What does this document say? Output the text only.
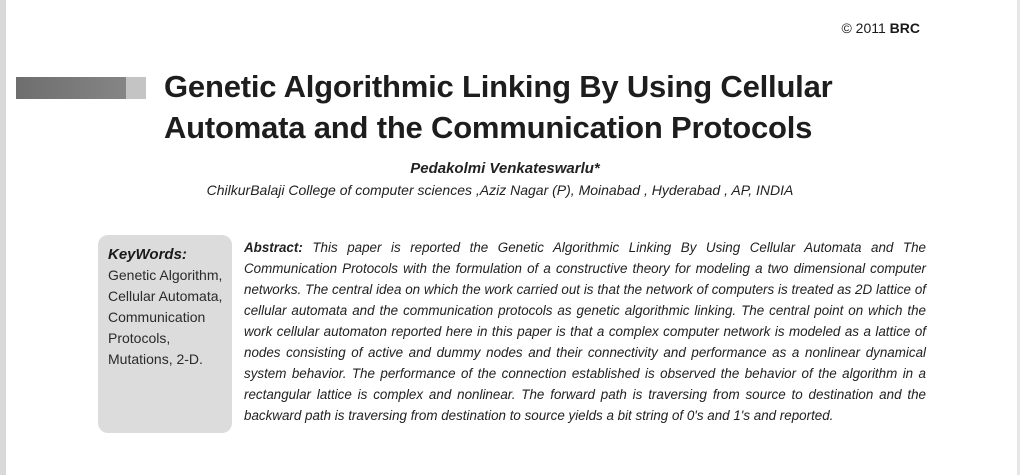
© 2011 BRC
Genetic Algorithmic Linking By Using Cellular Automata and the Communication Protocols
Pedakolmi Venkateswarlu*
ChilkurBalaji College of computer sciences ,Aziz Nagar (P), Moinabad , Hyderabad , AP, INDIA

KeyWords:

Genetic Algorithm, Cellular Automata, Communication Protocols, Mutations, 2-D.

Abstract: This paper is reported the Genetic Algorithmic Linking By Using Cellular Automata and The Communication Protocols with the formulation of a constructive theory for modeling a two dimensional computer networks. The central idea on which the work carried out is that the network of computers is treated as 2D lattice of cellular automata and the communication protocols as genetic algorithmic linking. The central point on which the work cellular automaton reported here in this paper is that a complex computer network is modeled as a lattice of nodes consisting of active and dummy nodes and their connectivity and performance as a nonlinear dynamical system behavior. The performance of the connection established is observed the behavior of the algorithm in a rectangular lattice is complex and nonlinear. The forward path is traversing from source to destination and the backward path is traversing from destination to source yields a bit string of 0's and 1's and reported.
